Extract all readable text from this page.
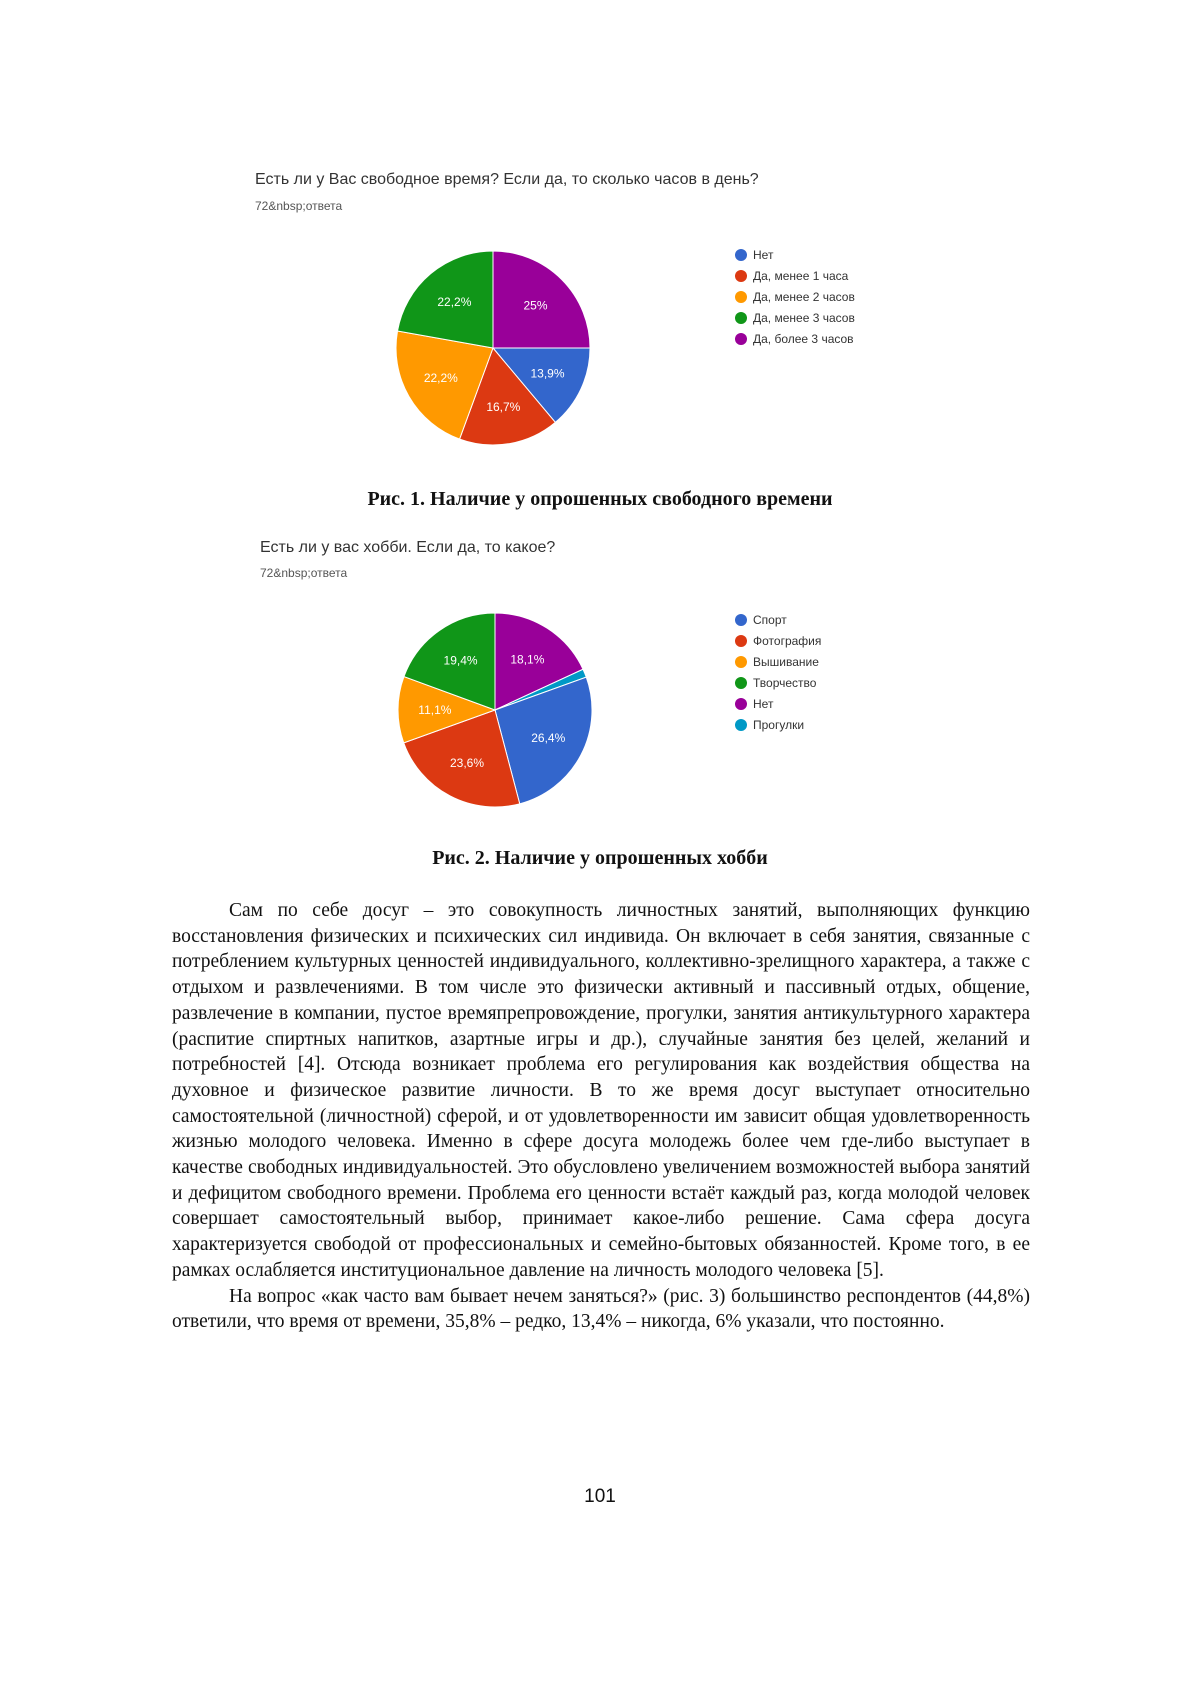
Есть ли у Вас свободное время? Если да, то сколько часов в день?
72&nbsp;ответа
25%
13,9%
16,7%
22,2%
22,2%
Нет
Да, менее 1 часа
Да, менее 2 часов
Да, менее 3 часов
Да, более 3 часов
Рис. 1. Наличие у опрошенных свободного времени
Есть ли у вас хобби. Если да, то какое?
72&nbsp;ответа
18,1%
26,4%
23,6%
11,1%
19,4%
Спорт
Фотография
Вышивание
Творчество
Нет
Прогулки
Рис. 2. Наличие у опрошенных хобби

Сам по себе досуг – это совокупность личностных занятий, выполняющих функцию восстановления физических и психических сил индивида. Он включает в себя занятия, связанные с потреблением культурных ценностей индивидуального, коллективно-зрелищного характера, а также с отдыхом и развлечениями. В том числе это физически активный и пассивный отдых, общение, развлечение в компании, пустое времяпрепровождение, прогулки, занятия антикультурного характера (распитие спиртных напитков, азартные игры и др.), случайные занятия без целей, желаний и потребностей [4]. Отсюда возникает проблема его регулирования как воздействия общества на духовное и физическое развитие личности. В то же время досуг выступает относительно самостоятельной (личностной) сферой, и от удовлетворенности им зависит общая удовлетворенность жизнью молодого человека. Именно в сфере досуга молодежь более чем где-либо выступает в качестве свободных индивидуальностей. Это обусловлено увеличением возможностей выбора занятий и дефицитом свободного времени. Проблема его ценности встаёт каждый раз, когда молодой человек совершает самостоятельный выбор, принимает какое-либо решение. Сама сфера досуга характеризуется свободой от профессиональных и семейно-бытовых обязанностей. Кроме того, в ее рамках ослабляется институциональное давление на личность молодого человека [5].

На вопрос «как часто вам бывает нечем заняться?» (рис. 3) большинство респондентов (44,8%) ответили, что время от времени, 35,8% – редко, 13,4% – никогда, 6% указали, что постоянно.

101
